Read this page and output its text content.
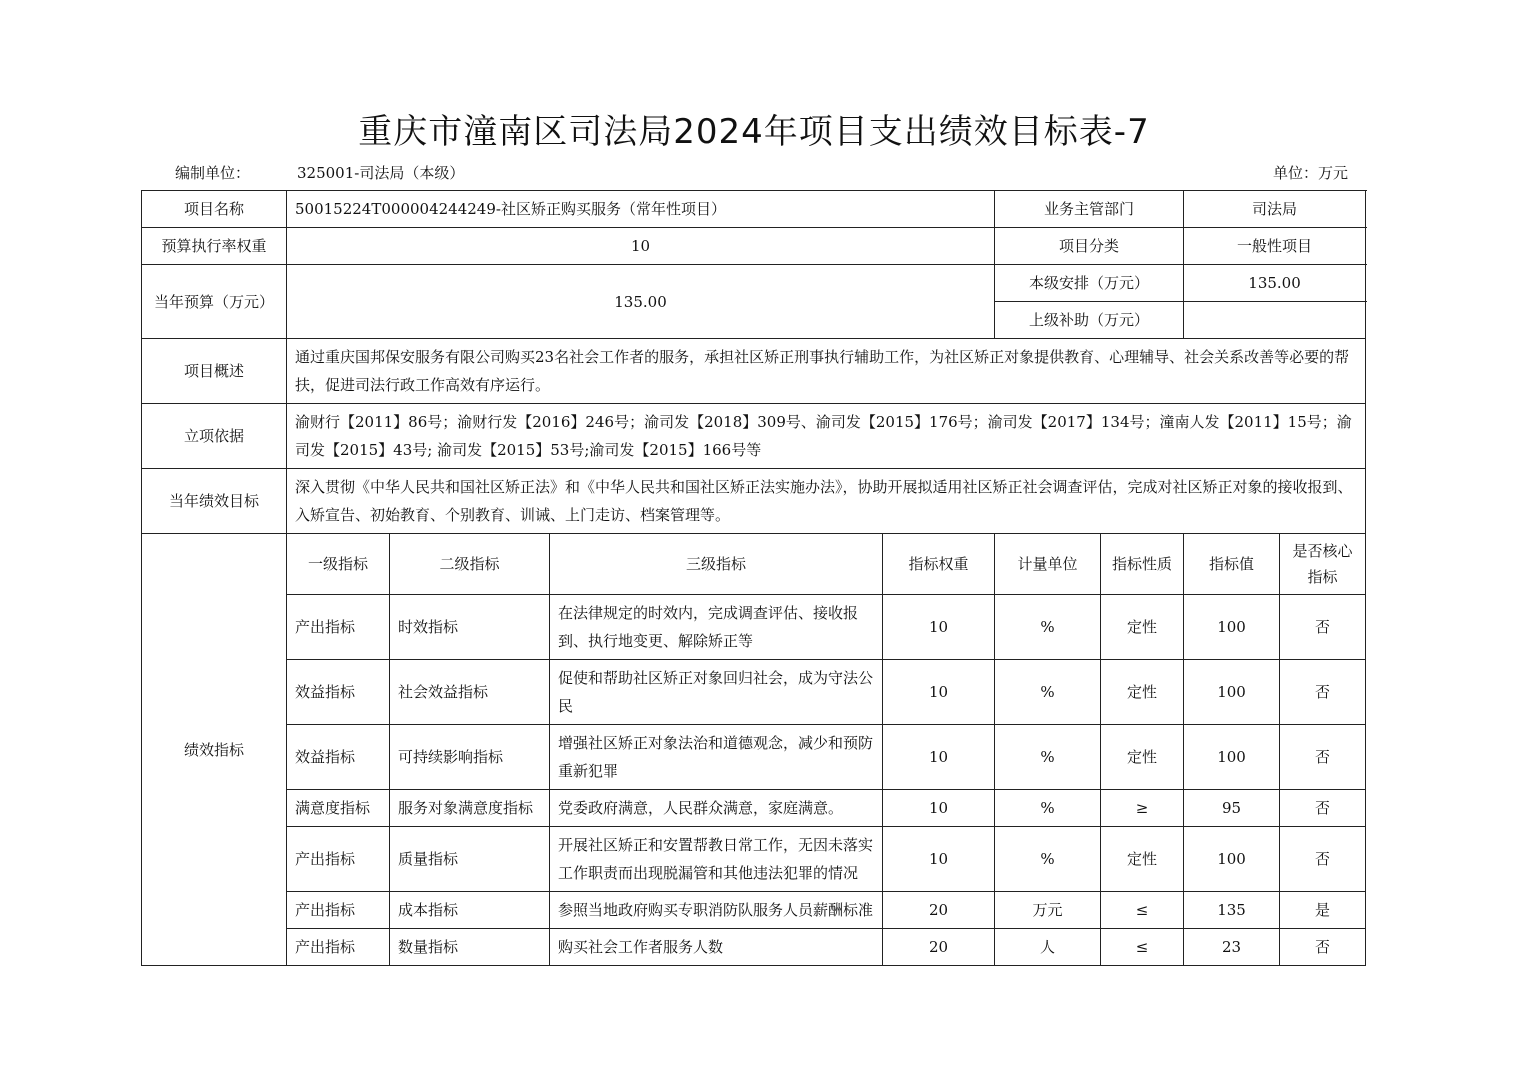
重庆市潼南区司法局2024年项目支出绩效目标表-7
编制单位：	325001-司法局（本级）	单位：万元
项目名称	50015224T000004244249-社区矫正购买服务（常年性项目）				业务主管部门		司法局	
预算执行率权重	10				项目分类		一般性项目	
当年预算（万元）	135.00				本级安排（万元）		135.00	
					上级补助（万元）			
项目概述	通过重庆国邦保安服务有限公司购买23名社会工作者的服务，承担社区矫正刑事执行辅助工作，为社区矫正对象提供教育、心理辅导、社会关系改善等必要的帮扶，促进司法行政工作高效有序运行。							
立项依据	渝财行【2011】86号；渝财行发【2016】246号；渝司发【2018】309号、渝司发【2015】176号；渝司发【2017】134号；潼南人发【2011】15号；渝司发【2015】43号; 渝司发【2015】53号;渝司发【2015】166号等							
当年绩效目标	深入贯彻《中华人民共和国社区矫正法》和《中华人民共和国社区矫正法实施办法》，协助开展拟适用社区矫正社会调查评估，完成对社区矫正对象的接收报到、入矫宣告、初始教育、个别教育、训诫、上门走访、档案管理等。							
绩效指标	一级指标	二级指标	三级指标	指标权重	计量单位	指标性质	指标值	是否核心指标
	产出指标	时效指标	在法律规定的时效内，完成调查评估、接收报到、执行地变更、解除矫正等	10	%	定性	100	否
	效益指标	社会效益指标	促使和帮助社区矫正对象回归社会，成为守法公民	10	%	定性	100	否
	效益指标	可持续影响指标	增强社区矫正对象法治和道德观念，减少和预防重新犯罪	10	%	定性	100	否
	满意度指标	服务对象满意度指标	党委政府满意，人民群众满意，家庭满意。	10	%	≥	95	否
	产出指标	质量指标	开展社区矫正和安置帮教日常工作，无因未落实工作职责而出现脱漏管和其他违法犯罪的情况	10	%	定性	100	否
	产出指标	成本指标	参照当地政府购买专职消防队服务人员薪酬标准	20	万元	≤	135	是
	产出指标	数量指标	购买社会工作者服务人数	20	人	≤	23	否
